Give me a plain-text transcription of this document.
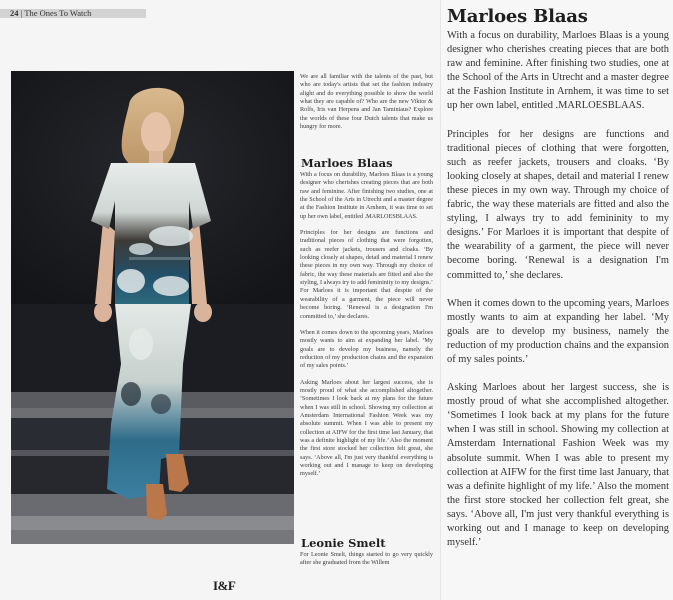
24 | The Ones To Watch

We are all familiar with the talents of the past, but who are today's artists that set the fashion industry alight and do everything possible to show the world what they are capable of? Who are the new Viktor & Rolfs, Iris van Herpens and Jan Taminiaus? Explore the worlds of these four Dutch talents that make us hungry for more.

Marloes Blaas

With a focus on durability, Marloes Blaas is a young designer who cherishes creating pieces that are both raw and feminine. After finishing two studies, one at the School of the Arts in Utrecht and a master degree at the Fashion Institute in Arnhem, it was time to set up her own label, entitled .MARLOESBLAAS.

Principles for her designs are functions and traditional pieces of clothing that were forgotten, such as reefer jackets, trousers and cloaks. ‘By looking closely at shapes, detail and material I renew these pieces in my own way. Through my choice of fabric, the way these materials are fitted and also the styling, I always try to add femininity to my designs.’ For Marloes it is important that despite of the wearability of a garment, the piece will never become boring. ‘Renewal is a designation I'm committed to,’ she declares.

When it comes down to the upcoming years, Marloes mostly wants to aim at expanding her label. ‘My goals are to develop my business, namely the reduction of my production chains and the expansion of my sales points.’

Asking Marloes about her largest success, she is mostly proud of what she accomplished altogether. ‘Sometimes I look back at my plans for the future when I was still in school. Showing my collection at Amsterdam International Fashion Week was my absolute summit. When I was able to present my collection at AIFW for the first time last January, that was a definite highlight of my life.’ Also the moment the first store stocked her collection felt great, she says. ‘Above all, I'm just very thankful everything is working out and I manage to keep on developing myself.’

Leonie Smelt

For Leonie Smelt, things started to go very quickly after she graduated from the Willem

I&F
Marloes Blaas

With a focus on durability, Marloes Blaas is a young designer who cherishes creating pieces that are both raw and feminine. After finishing two studies, one at the School of the Arts in Utrecht and a master degree at the Fashion Institute in Arnhem, it was time to set up her own label, entitled .MARLOESBLAAS.

Principles for her designs are functions and traditional pieces of clothing that were forgotten, such as reefer jackets, trousers and cloaks. ‘By looking closely at shapes, detail and material I renew these pieces in my own way. Through my choice of fabric, the way these materials are fitted and also the styling, I always try to add femininity to my designs.’ For Marloes it is important that despite of the wearability of a garment, the piece will never become boring. ‘Renewal is a designation I'm committed to,’ she declares.

When it comes down to the upcoming years, Marloes mostly wants to aim at expanding her label. ‘My goals are to develop my business, namely the reduction of my production chains and the expansion of my sales points.’

Asking Marloes about her largest success, she is mostly proud of what she accomplished altogether. ‘Sometimes I look back at my plans for the future when I was still in school. Showing my collection at Amsterdam International Fashion Week was my absolute summit. When I was able to present my collection at AIFW for the first time last January, that was a definite highlight of my life.’ Also the moment the first store stocked her collection felt great, she says. ‘Above all, I'm just very thankful everything is working out and I manage to keep on developing myself.’
